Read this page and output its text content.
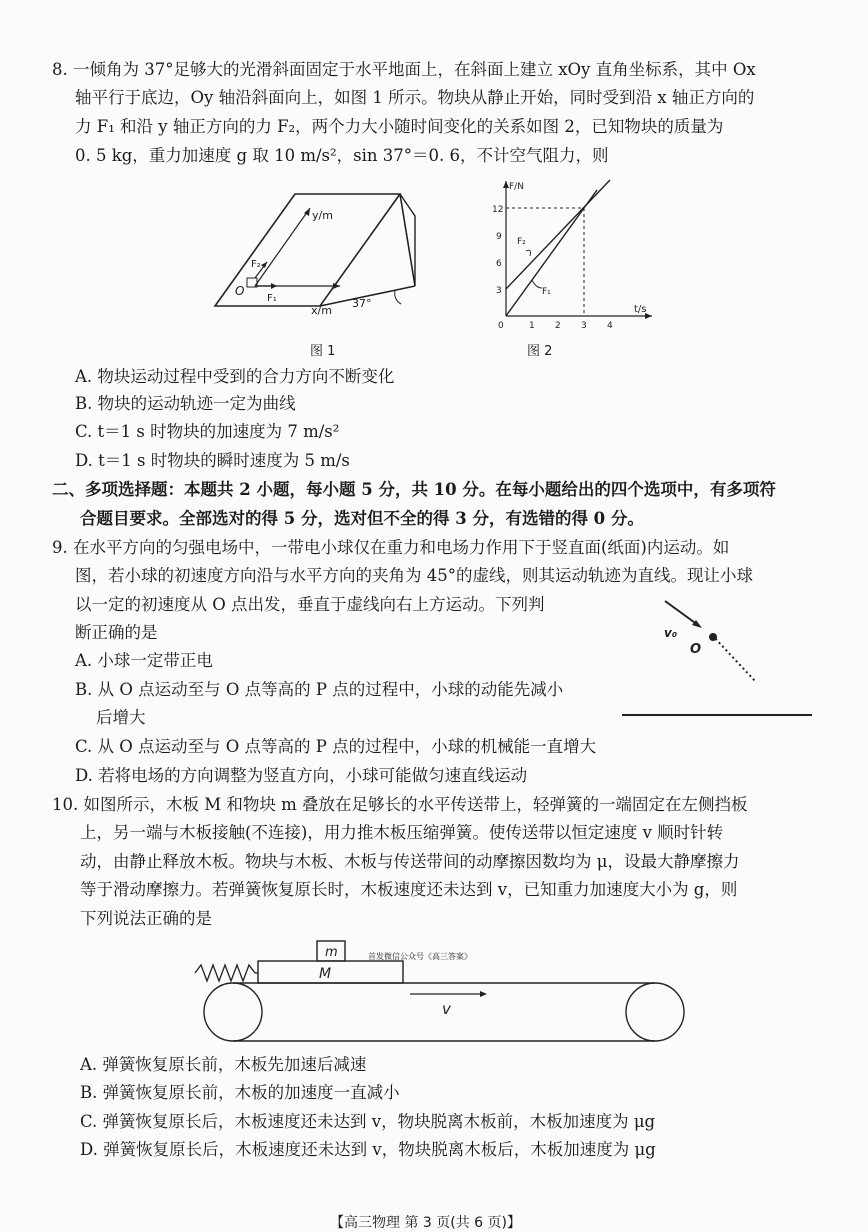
8. 一倾角为 37°足够大的光滑斜面固定于水平地面上，在斜面上建立 xOy 直角坐标系，其中 Ox
轴平行于底边，Oy 轴沿斜面向上，如图 1 所示。物块从静止开始，同时受到沿 x 轴正方向的
力 F₁ 和沿 y 轴正方向的力 F₂，两个力大小随时间变化的关系如图 2，已知物块的质量为
0. 5 kg，重力加速度 g 取 10 m/s²，sin 37°＝0. 6，不计空气阻力，则
y/m
x/m
O
F₂
F₁	37°
图 1
F/N
t/s
F₂
F₁
12
9
6
3
0	1 2 3 4
图 2
A. 物块运动过程中受到的合力方向不断变化
B. 物块的运动轨迹一定为曲线
C. t＝1 s 时物块的加速度为 7 m/s²
D. t＝1 s 时物块的瞬时速度为 5 m/s
二、多项选择题：本题共 2 小题，每小题 5 分，共 10 分。在每小题给出的四个选项中，有多项符
合题目要求。全部选对的得 5 分，选对但不全的得 3 分，有选错的得 0 分。
9. 在水平方向的匀强电场中，一带电小球仅在重力和电场力作用下于竖直面(纸面)内运动。如
图，若小球的初速度方向沿与水平方向的夹角为 45°的虚线，则其运动轨迹为直线。现让小球
以一定的初速度从 O 点出发，垂直于虚线向右上方运动。下列判
断正确的是	v₀
O
A. 小球一定带正电
B. 从 O 点运动至与 O 点等高的 P 点的过程中，小球的动能先减小
后增大
C. 从 O 点运动至与 O 点等高的 P 点的过程中，小球的机械能一直增大
D. 若将电场的方向调整为竖直方向，小球可能做匀速直线运动
10. 如图所示，木板 M 和物块 m 叠放在足够长的水平传送带上，轻弹簧的一端固定在左侧挡板
上，另一端与木板接触(不连接)，用力推木板压缩弹簧。使传送带以恒定速度 v 顺时针转
动，由静止释放木板。物块与木板、木板与传送带间的动摩擦因数均为 μ，设最大静摩擦力
等于滑动摩擦力。若弹簧恢复原长时，木板速度还未达到 v，已知重力加速度大小为 g，则
下列说法正确的是
m
M
v
首发微信公众号《高三答案》
A. 弹簧恢复原长前，木板先加速后减速
B. 弹簧恢复原长前，木板的加速度一直减小
C. 弹簧恢复原长后，木板速度还未达到 v，物块脱离木板前，木板加速度为 μg
D. 弹簧恢复原长后，木板速度还未达到 v，物块脱离木板后，木板加速度为 μg
【高三物理 第 3 页(共 6 页)】
